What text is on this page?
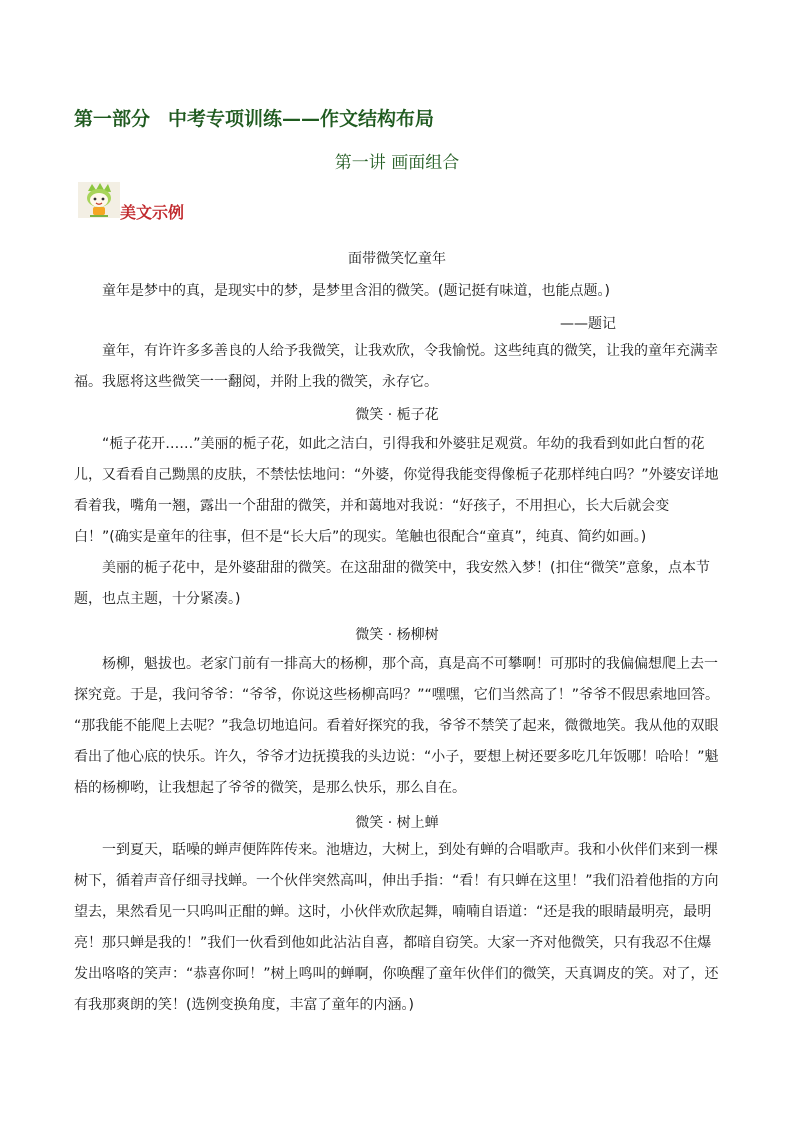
第一部分 中考专项训练——作文结构布局
第一讲 画面组合
美文示例
面带微笑忆童年

童年是梦中的真，是现实中的梦，是梦里含泪的微笑。(题记挺有味道，也能点题。)

——题记

童年，有许许多多善良的人给予我微笑，让我欢欣，令我愉悦。这些纯真的微笑，让我的童年充满幸福。我愿将这些微笑一一翻阅，并附上我的微笑，永存它。

微笑 · 栀子花

“栀子花开……”美丽的栀子花，如此之洁白，引得我和外婆驻足观赏。年幼的我看到如此白皙的花儿，又看看自己黝黑的皮肤，不禁怯怯地问：“外婆，你觉得我能变得像栀子花那样纯白吗？”外婆安详地看着我，嘴角一翘，露出一个甜甜的微笑，并和蔼地对我说：“好孩子，不用担心，长大后就会变白！”(确实是童年的往事，但不是“长大后”的现实。笔触也很配合“童真”，纯真、简约如画。)

美丽的栀子花中，是外婆甜甜的微笑。在这甜甜的微笑中，我安然入梦！(扣住“微笑”意象，点本节题，也点主题，十分紧凑。)

微笑 · 杨柳树

杨柳，魁拔也。老家门前有一排高大的杨柳，那个高，真是高不可攀啊！可那时的我偏偏想爬上去一探究竟。于是，我问爷爷：“爷爷，你说这些杨柳高吗？”“嘿嘿，它们当然高了！”爷爷不假思索地回答。 “那我能不能爬上去呢？”我急切地追问。看着好探究的我，爷爷不禁笑了起来，微微地笑。我从他的双眼看出了他心底的快乐。许久，爷爷才边抚摸我的头边说：“小子，要想上树还要多吃几年饭哪！哈哈！”魁梧的杨柳哟，让我想起了爷爷的微笑，是那么快乐，那么自在。

微笑 · 树上蝉

一到夏天，聒噪的蝉声便阵阵传来。池塘边，大树上，到处有蝉的合唱歌声。我和小伙伴们来到一棵树下，循着声音仔细寻找蝉。一个伙伴突然高叫，伸出手指：“看！有只蝉在这里！”我们沿着他指的方向望去，果然看见一只呜叫正酣的蝉。这时，小伙伴欢欣起舞，喃喃自语道：“还是我的眼睛最明亮，最明亮！那只蝉是我的！”我们一伙看到他如此沾沾自喜，都暗自窃笑。大家一齐对他微笑，只有我忍不住爆发出咯咯的笑声：“恭喜你呵！”树上鸣叫的蝉啊，你唤醒了童年伙伴们的微笑，天真调皮的笑。对了，还有我那爽朗的笑！(选例变换角度，丰富了童年的内涵。)
